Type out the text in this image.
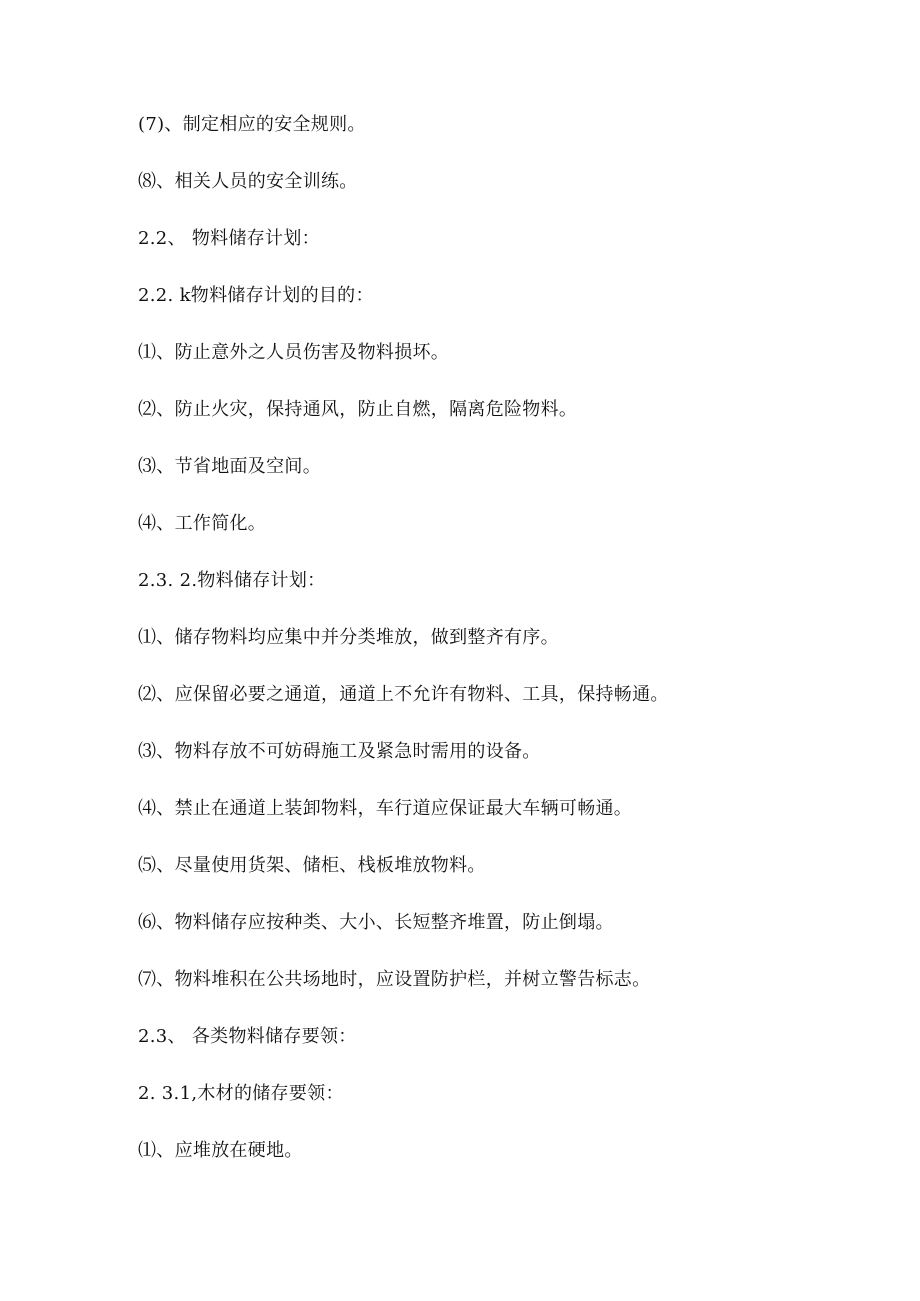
(7)、制定相应的安全规则。
⑻、相关人员的安全训练。
2.2、 物料储存计划：
2.2. k物料储存计划的目的：
⑴、防止意外之人员伤害及物料损坏。
⑵、防止火灾，保持通风，防止自燃，隔离危险物料。
⑶、节省地面及空间。
⑷、工作简化。
2.3. 2.物料储存计划：
⑴、储存物料均应集中并分类堆放，做到整齐有序。
⑵、应保留必要之通道，通道上不允许有物料、工具，保持畅通。
⑶、物料存放不可妨碍施工及紧急时需用的设备。
⑷、禁止在通道上装卸物料，车行道应保证最大车辆可畅通。
⑸、尽量使用货架、储柜、栈板堆放物料。
⑹、物料储存应按种类、大小、长短整齐堆置，防止倒塌。
⑺、物料堆积在公共场地时，应设置防护栏，并树立警告标志。
2.3、 各类物料储存要领：
2. 3.1,木材的储存要领：
⑴、应堆放在硬地。
